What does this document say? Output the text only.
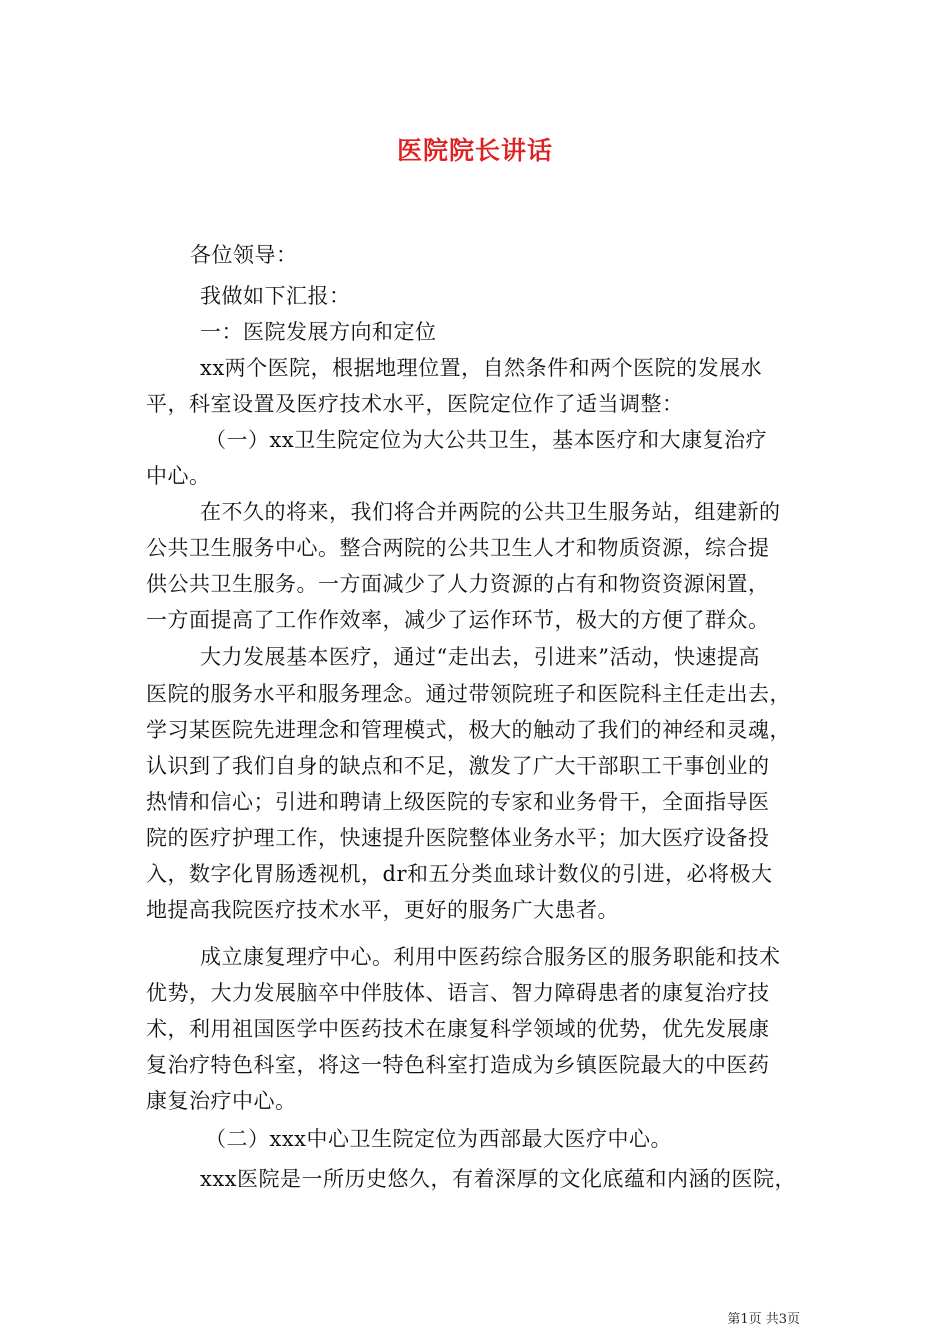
医院院长讲话
各位领导：
我做如下汇报：
一：医院发展方向和定位
xx两个医院，根据地理位置，自然条件和两个医院的发展水
平，科室设置及医疗技术水平，医院定位作了适当调整：
（一）xx卫生院定位为大公共卫生，基本医疗和大康复治疗
中心。
在不久的将来，我们将合并两院的公共卫生服务站，组建新的
公共卫生服务中心。整合两院的公共卫生人才和物质资源，综合提
供公共卫生服务。一方面减少了人力资源的占有和物资资源闲置，
一方面提高了工作作效率，减少了运作环节，极大的方便了群众。
大力发展基本医疗，通过“走出去，引进来”活动，快速提高
医院的服务水平和服务理念。通过带领院班子和医院科主任走出去，
学习某医院先进理念和管理模式，极大的触动了我们的神经和灵魂，
认识到了我们自身的缺点和不足，激发了广大干部职工干事创业的
热情和信心；引进和聘请上级医院的专家和业务骨干，全面指导医
院的医疗护理工作，快速提升医院整体业务水平；加大医疗设备投
入，数字化胃肠透视机，dr和五分类血球计数仪的引进，必将极大
地提高我院医疗技术水平，更好的服务广大患者。
成立康复理疗中心。利用中医药综合服务区的服务职能和技术
优势，大力发展脑卒中伴肢体、语言、智力障碍患者的康复治疗技
术，利用祖国医学中医药技术在康复科学领域的优势，优先发展康
复治疗特色科室，将这一特色科室打造成为乡镇医院最大的中医药
康复治疗中心。
（二）xxx中心卫生院定位为西部最大医疗中心。
xxx医院是一所历史悠久，有着深厚的文化底蕴和内涵的医院，
第1页 共3页
